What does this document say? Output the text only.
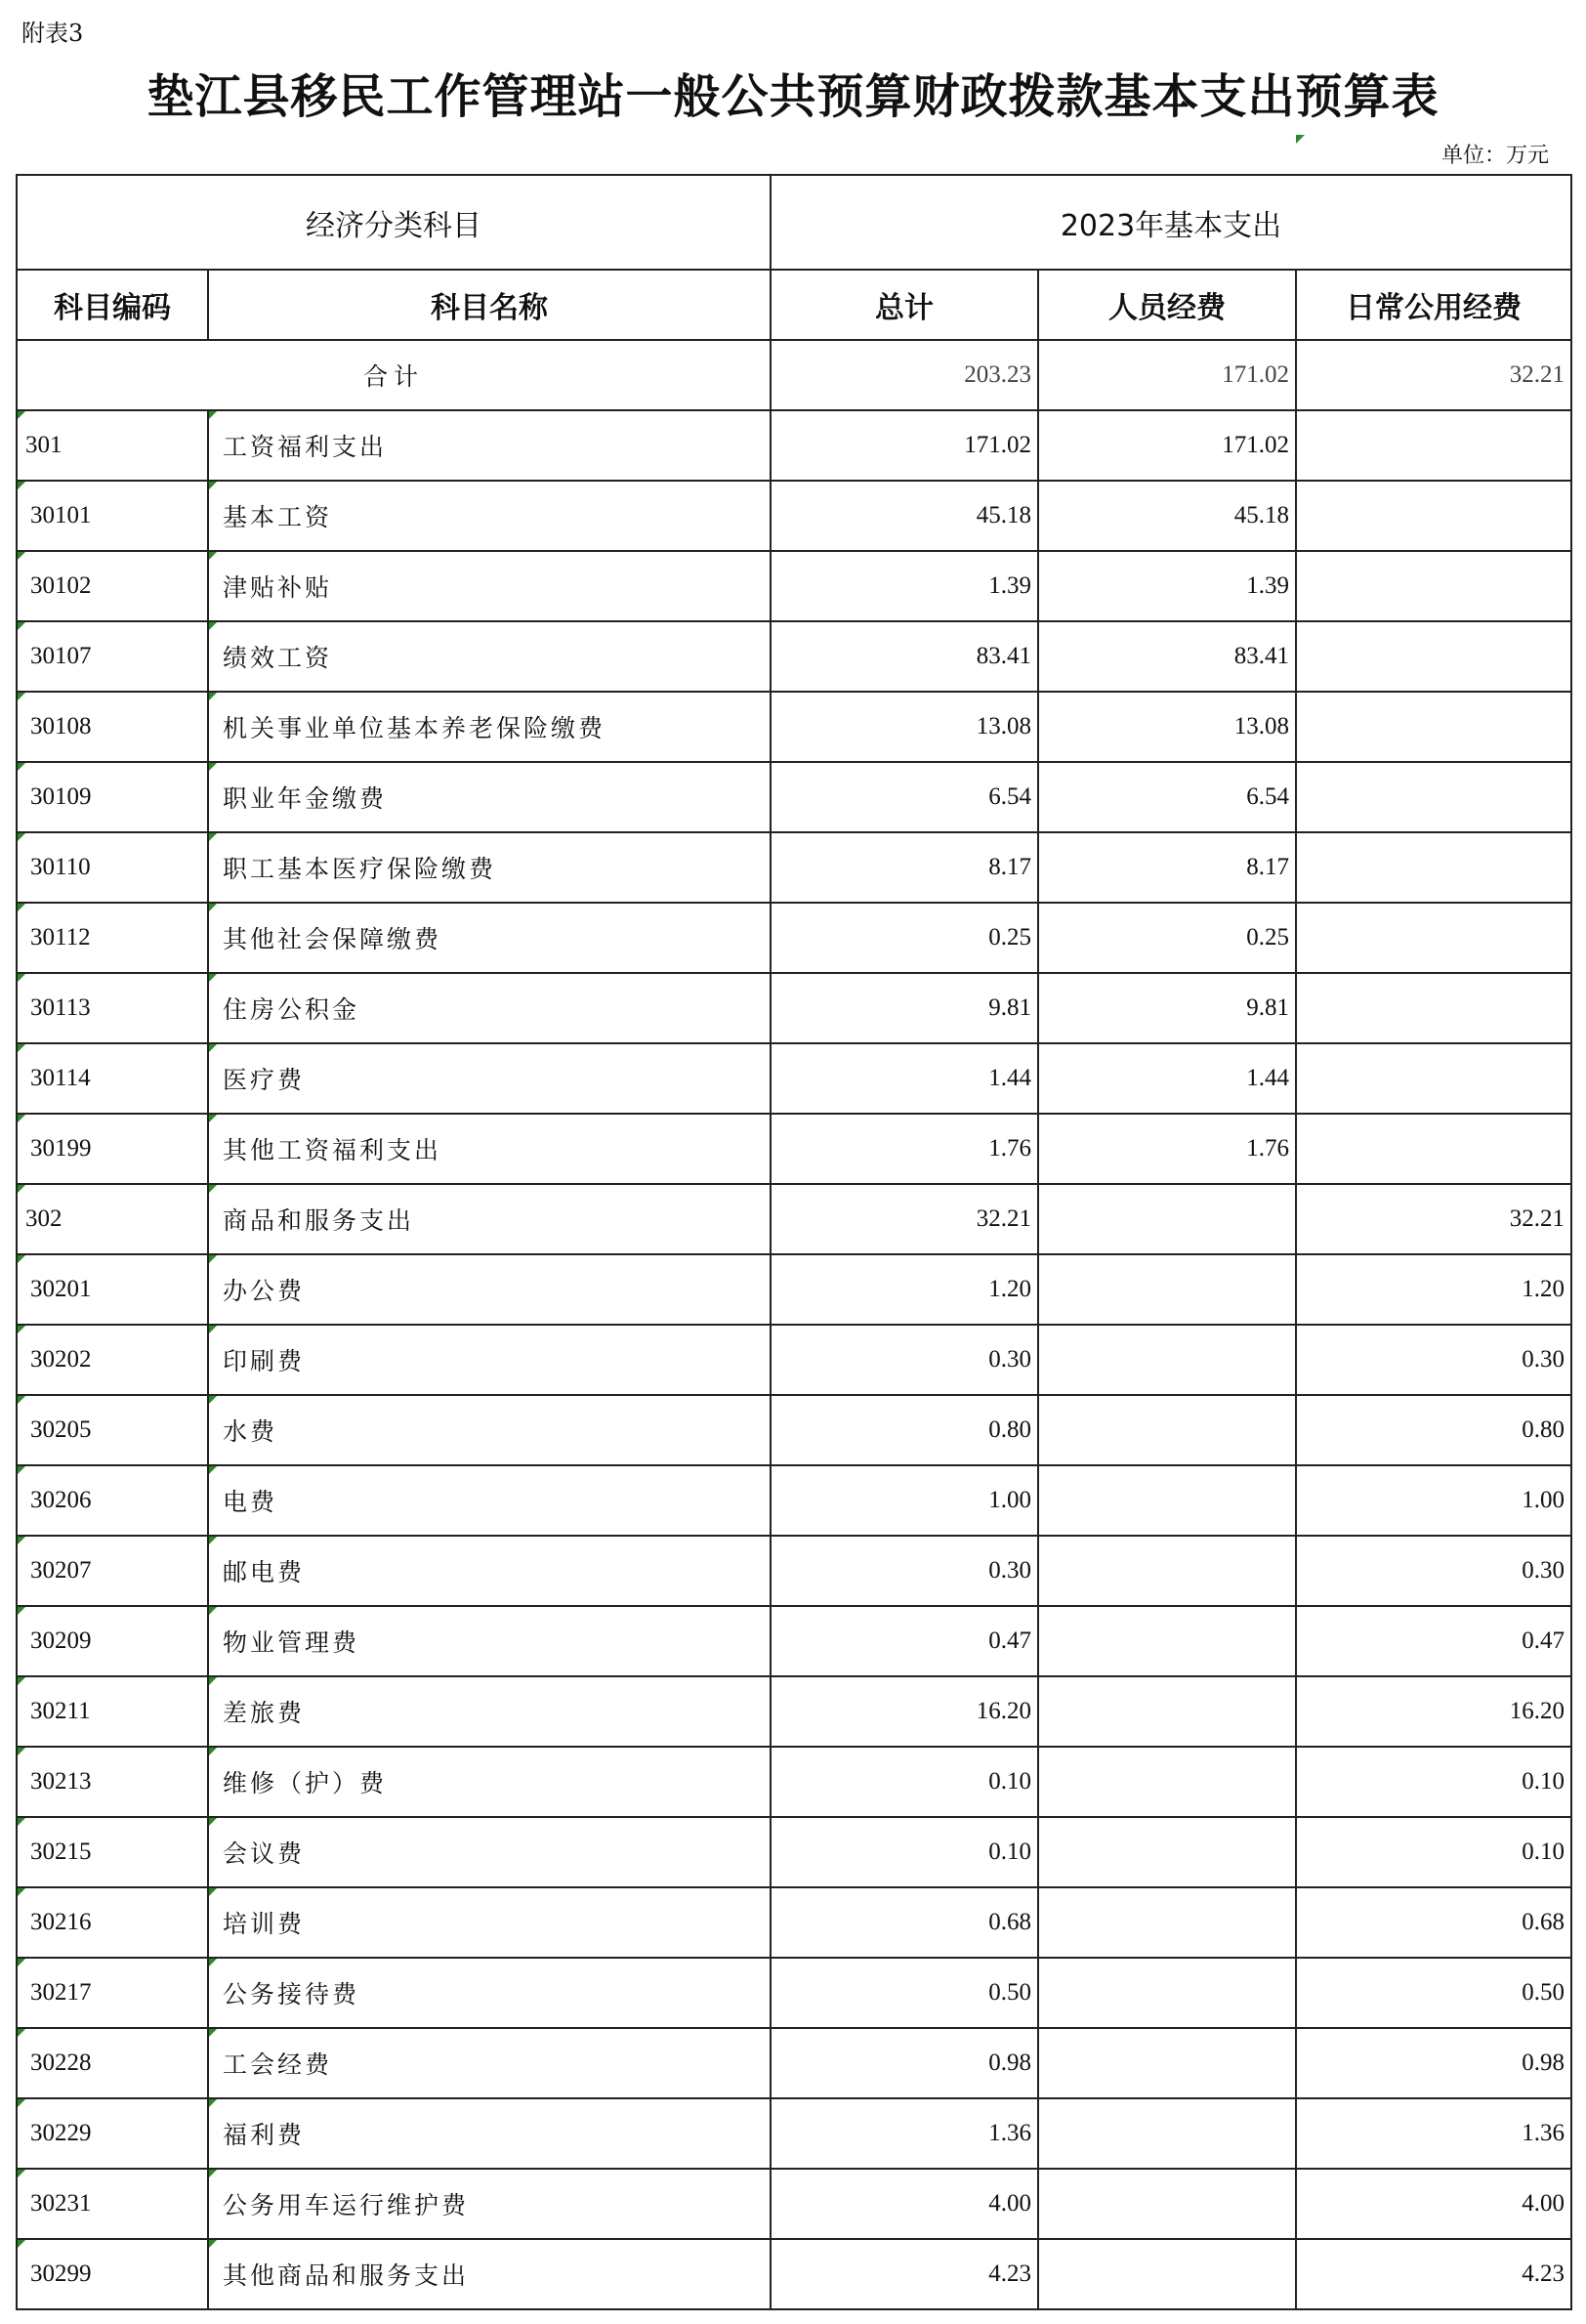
附表3
垫江县移民工作管理站一般公共预算财政拨款基本支出预算表
单位：万元
经济分类科目		2023年基本支出		
科目编码	科目名称	总计	人员经费	日常公用经费
合计		203.23	171.02	32.21
301	工资福利支出	171.02	171.02	
30101	基本工资	45.18	45.18	
30102	津贴补贴	1.39	1.39	
30107	绩效工资	83.41	83.41	
30108	机关事业单位基本养老保险缴费	13.08	13.08	
30109	职业年金缴费	6.54	6.54	
30110	职工基本医疗保险缴费	8.17	8.17	
30112	其他社会保障缴费	0.25	0.25	
30113	住房公积金	9.81	9.81	
30114	医疗费	1.44	1.44	
30199	其他工资福利支出	1.76	1.76	
302	商品和服务支出	32.21		32.21
30201	办公费	1.20		1.20
30202	印刷费	0.30		0.30
30205	水费	0.80		0.80
30206	电费	1.00		1.00
30207	邮电费	0.30		0.30
30209	物业管理费	0.47		0.47
30211	差旅费	16.20		16.20
30213	维修（护）费	0.10		0.10
30215	会议费	0.10		0.10
30216	培训费	0.68		0.68
30217	公务接待费	0.50		0.50
30228	工会经费	0.98		0.98
30229	福利费	1.36		1.36
30231	公务用车运行维护费	4.00		4.00
30299	其他商品和服务支出	4.23		4.23
